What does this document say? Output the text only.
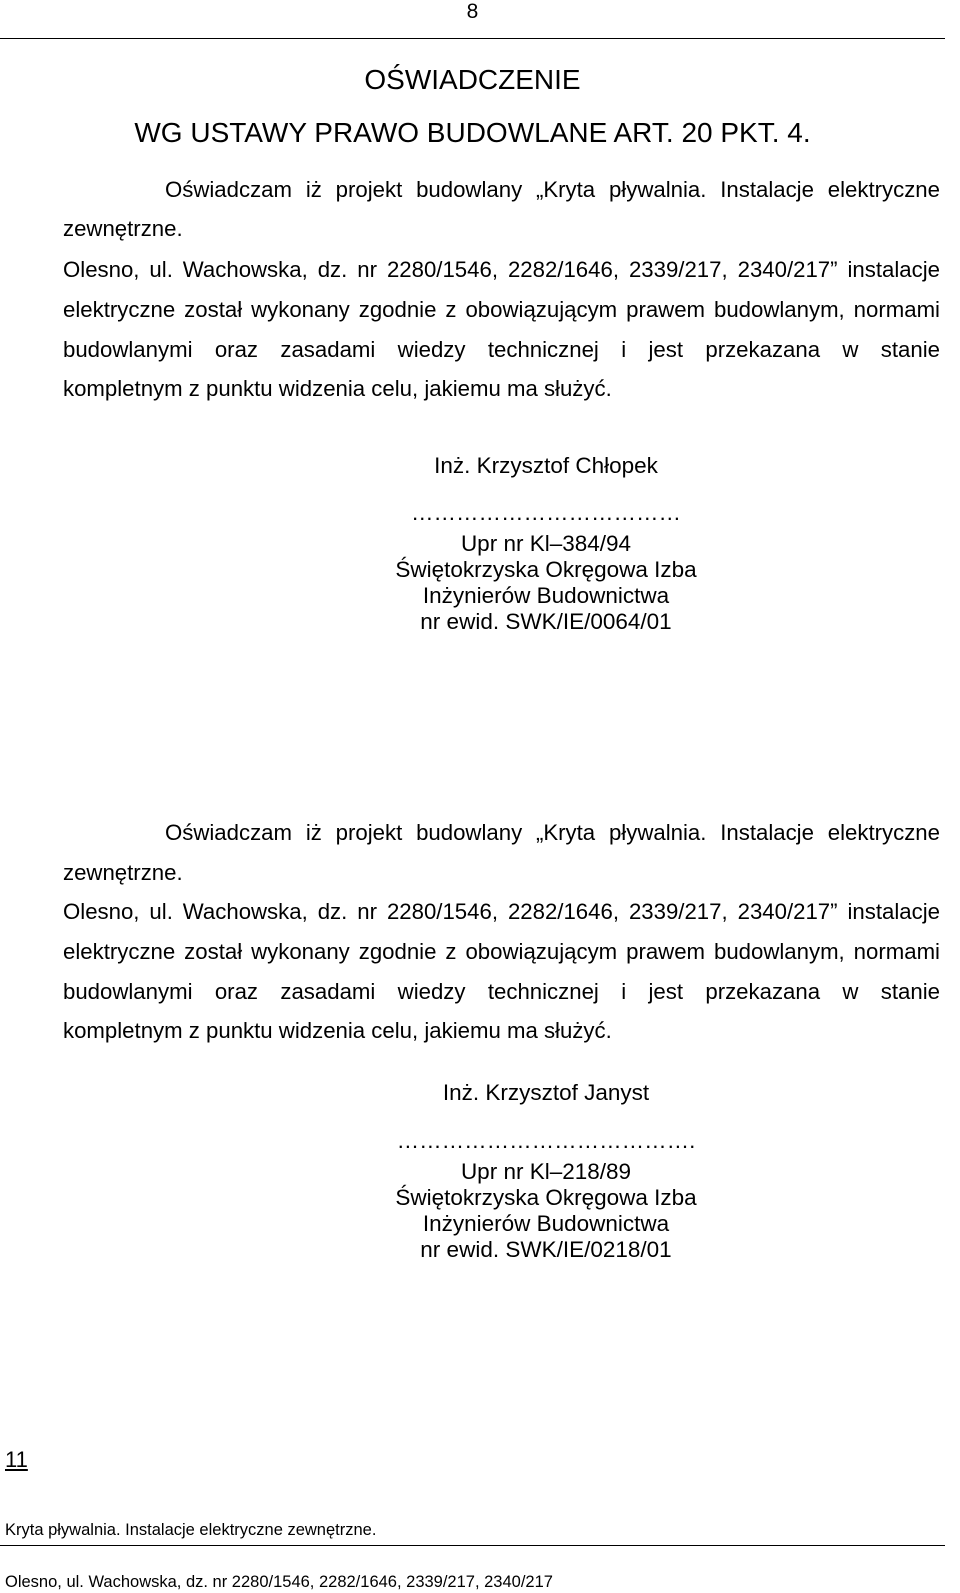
8
OŚWIADCZENIE
WG USTAWY PRAWO BUDOWLANE ART. 20 PKT. 4.
Oświadczam iż projekt budowlany „Kryta pływalnia. Instalacje elektryczne
zewnętrzne.
Olesno, ul. Wachowska, dz. nr 2280/1546, 2282/1646, 2339/217, 2340/217” instalacje
elektryczne został wykonany zgodnie z obowiązującym prawem budowlanym, normami
budowlanymi oraz zasadami wiedzy technicznej i jest przekazana w stanie
kompletnym z punktu widzenia celu, jakiemu ma służyć.
Inż. Krzysztof Chłopek
………………………………
Upr nr Kl–384/94
Świętokrzyska Okręgowa Izba
Inżynierów Budownictwa
nr ewid. SWK/IE/0064/01
Oświadczam iż projekt budowlany „Kryta pływalnia. Instalacje elektryczne
zewnętrzne.
Olesno, ul. Wachowska, dz. nr 2280/1546, 2282/1646, 2339/217, 2340/217” instalacje
elektryczne został wykonany zgodnie z obowiązującym prawem budowlanym, normami
budowlanymi oraz zasadami wiedzy technicznej i jest przekazana w stanie
kompletnym z punktu widzenia celu, jakiemu ma służyć.
Inż. Krzysztof Janyst
………………………………….
Upr nr Kl–218/89
Świętokrzyska Okręgowa Izba
Inżynierów Budownictwa
nr ewid. SWK/IE/0218/01
11
Kryta pływalnia. Instalacje elektryczne zewnętrzne.
Olesno, ul. Wachowska, dz. nr 2280/1546, 2282/1646, 2339/217, 2340/217
